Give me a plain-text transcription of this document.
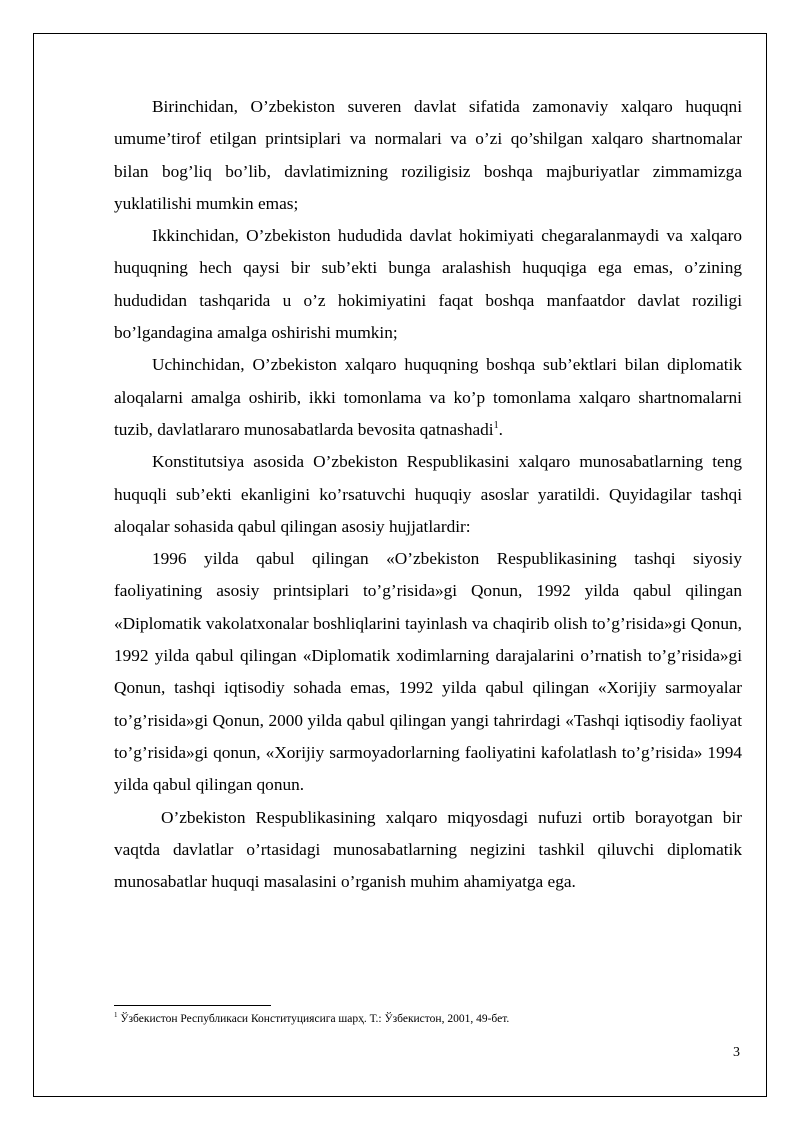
Birinchidan, O’zbekiston suveren davlat sifatida zamonaviy xalqaro huquqni umume’tirof etilgan printsiplari va normalari va o’zi qo’shilgan xalqaro shartnomalar bilan bog’liq bo’lib, davlatimizning roziligisiz boshqa majburiyatlar zimmamizga yuklatilishi mumkin emas;

Ikkinchidan, O’zbekiston hududida davlat hokimiyati chegaralanmaydi va xalqaro huquqning hech qaysi bir sub’ekti bunga aralashish huquqiga ega emas, o’zining hududidan tashqarida u o’z hokimiyatini faqat boshqa manfaatdor davlat roziligi bo’lgandagina amalga oshirishi mumkin;

Uchinchidan, O’zbekiston xalqaro huquqning boshqa sub’ektlari bilan diplomatik aloqalarni amalga oshirib, ikki tomonlama va ko’p tomonlama xalqaro shartnomalarni tuzib, davlatlararo munosabatlarda bevosita qatnashadi$^1$.

Konstitutsiya asosida O’zbekiston Respublikasini xalqaro munosabatlarning teng huquqli sub’ekti ekanligini ko’rsatuvchi huquqiy asoslar yaratildi. Quyidagilar tashqi aloqalar sohasida qabul qilingan asosiy hujjatlardir:

1996 yilda qabul qilingan «O’zbekiston Respublikasining tashqi siyosiy faoliyatining asosiy printsiplari to’g’risida»gi Qonun, 1992 yilda qabul qilingan «Diplomatik vakolatxonalar boshliqlarini tayinlash va chaqirib olish to’g’risida»gi Qonun, 1992 yilda qabul qilingan «Diplomatik xodimlarning darajalarini o’rnatish to’g’risida»gi Qonun, tashqi iqtisodiy sohada emas, 1992 yilda qabul qilingan «Xorijiy sarmoyalar to’g’risida»gi Qonun, 2000 yilda qabul qilingan yangi tahrirdagi «Tashqi iqtisodiy faoliyat to’g’risida»gi qonun, «Xorijiy sarmoyadorlarning faoliyatini kafolatlash to’g’risida» 1994 yilda qabul qilingan qonun.

O’zbekiston Respublikasining xalqaro miqyosdagi nufuzi ortib borayotgan bir vaqtda davlatlar o’rtasidagi munosabatlarning negizini tashkil qiluvchi diplomatik munosabatlar huquqi masalasini o’rganish muhim ahamiyatga ega.

$^1$ Ўзбекистон Республикаси Конституциясига шарҳ. Т.: Ўзбекистон, 2001, 49-бет.
3
